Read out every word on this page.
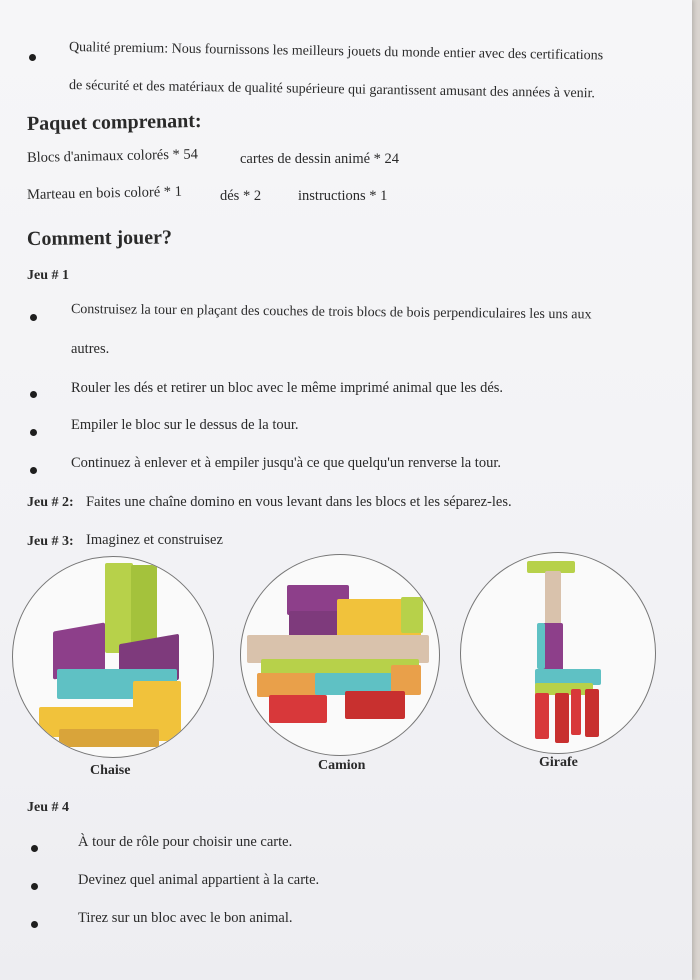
Qualité premium: Nous fournissons les meilleurs jouets du monde entier avec des certifications
de sécurité et des matériaux de qualité supérieure qui garantissent amusant des années à venir.
Paquet comprenant:
Blocs d'animaux colorés * 54	cartes de dessin animé * 24
Marteau en bois coloré * 1	dés * 2	instructions * 1
Comment jouer?
Jeu # 1
Construisez la tour en plaçant des couches de trois blocs de bois perpendiculaires les uns aux
autres.
Rouler les dés et retirer un bloc avec le même imprimé animal que les dés.
Empiler le bloc sur le dessus de la tour.
Continuez à enlever et à empiler jusqu'à ce que quelqu'un renverse la tour.
Jeu # 2: Faites une chaîne domino en vous levant dans les blocs et les séparez-les.
Jeu # 3: Imaginez et construisez
Chaise	Camion	Girafe
Jeu # 4
À tour de rôle pour choisir une carte.
Devinez quel animal appartient à la carte.
Tirez sur un bloc avec le bon animal.
